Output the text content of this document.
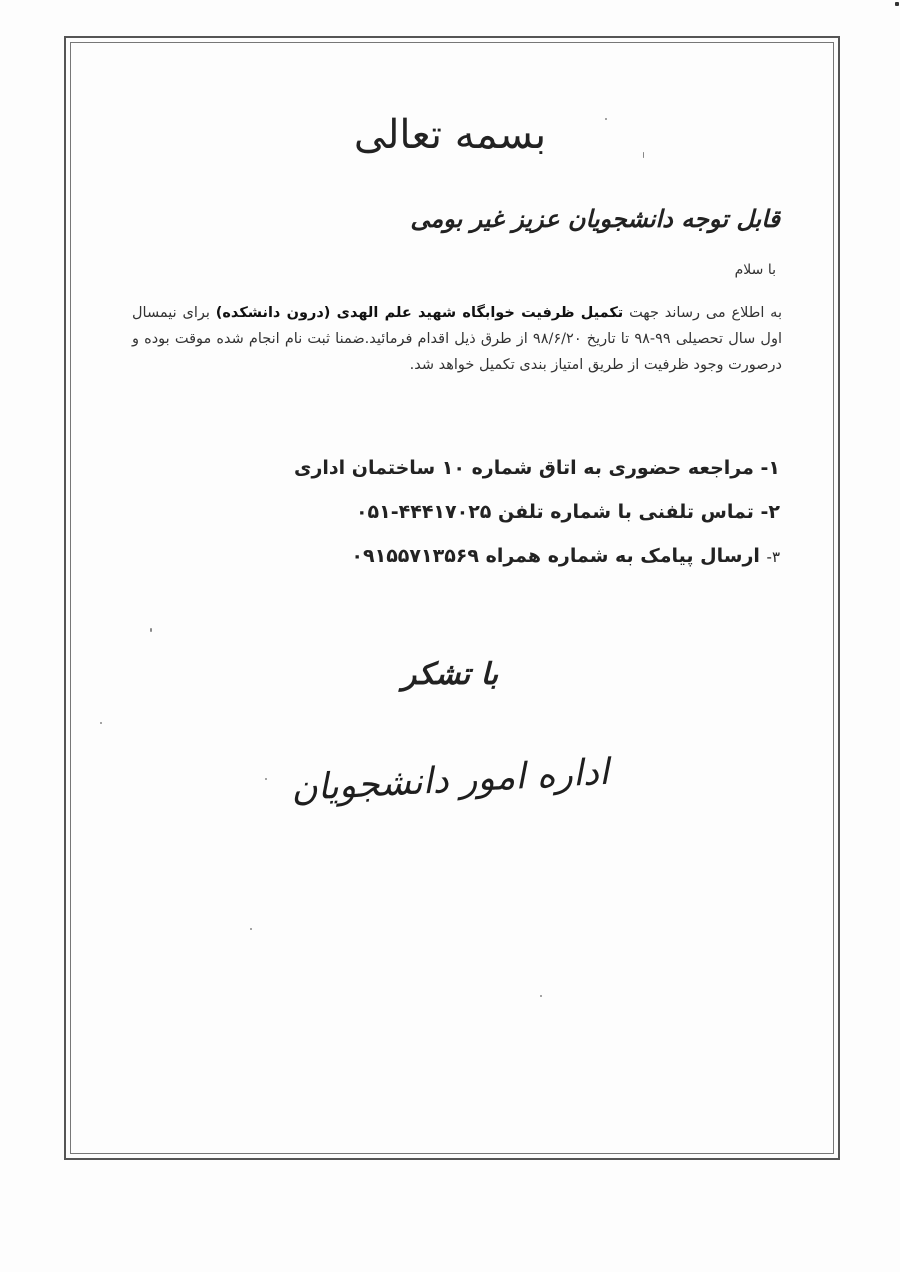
بسمه تعالی
قابل توجه دانشجویان عزیز غیر بومی
با سلام
به اطلاع می رساند جهت تکمیل ظرفیت خوابگاه شهید علم الهدی (درون دانشکده) برای نیمسال اول سال تحصیلی ۹۹-۹۸ تا تاریخ ۹۸/۶/۲۰ از طرق ذیل اقدام فرمائید.ضمنا ثبت نام انجام شده موقت بوده و درصورت وجود ظرفیت از طریق امتیاز بندی تکمیل خواهد شد.
۱- مراجعه حضوری به اتاق شماره ۱۰ ساختمان اداری
۲- تماس تلفنی با شماره تلفن ۴۴۴۱۷۰۲۵-۰۵۱
۳- ارسال پیامک به شماره همراه ۰۹۱۵۵۷۱۳۵۶۹
با تشکر
اداره امور دانشجویان
